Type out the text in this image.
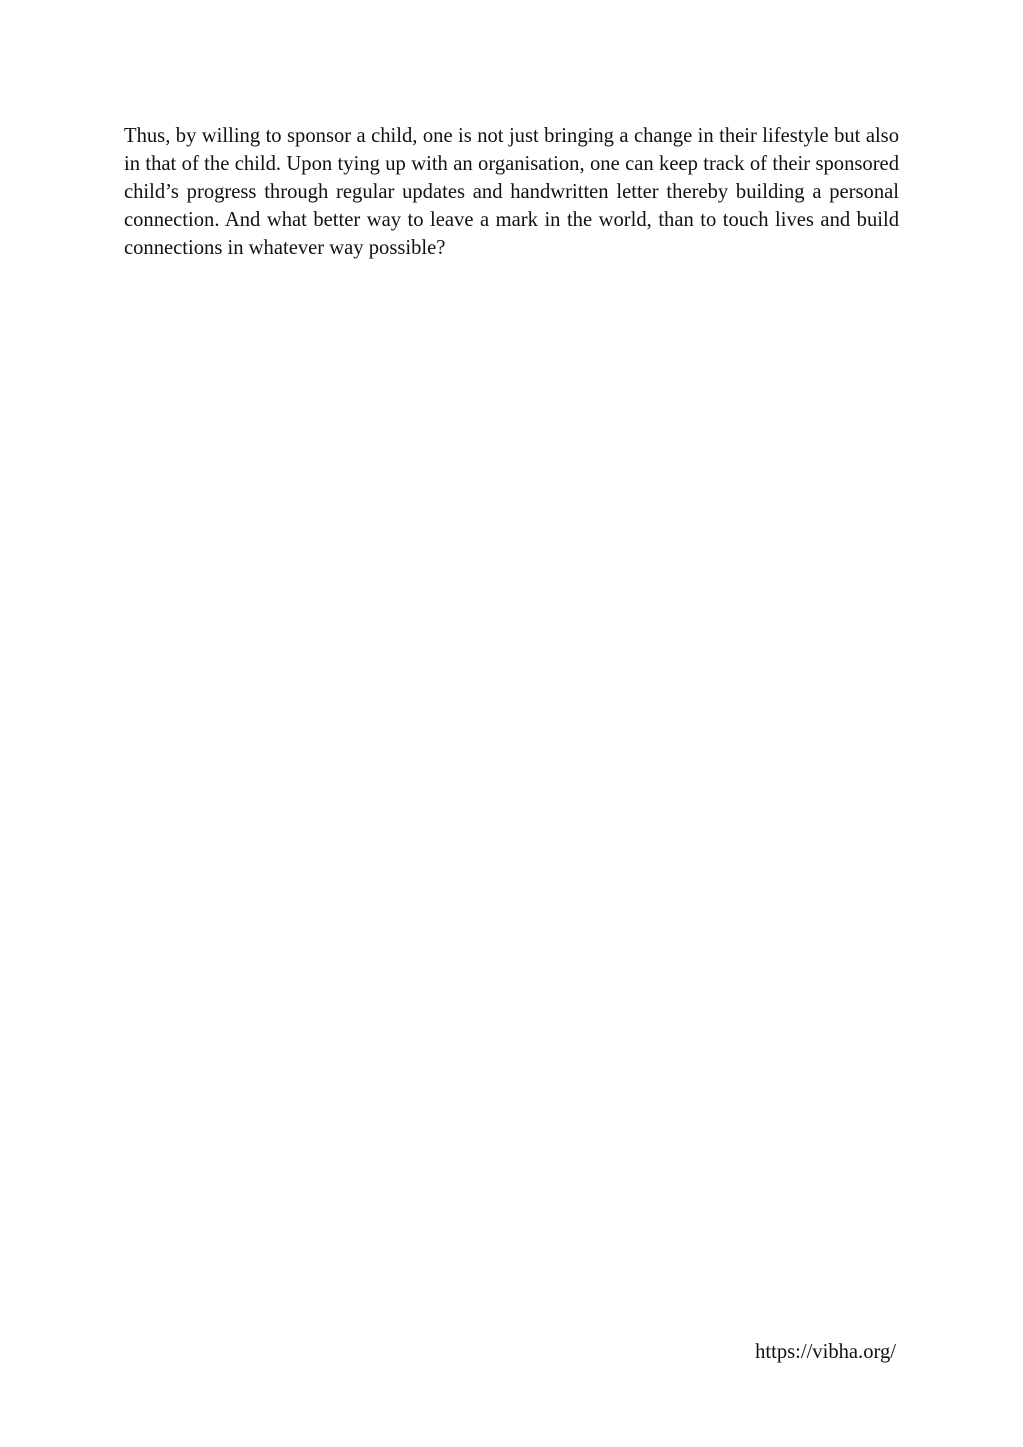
Thus, by willing to sponsor a child, one is not just bringing a change in their lifestyle but also in that of the child. Upon tying up with an organisation, one can keep track of their sponsored child’s progress through regular updates and handwritten letter thereby building a personal connection. And what better way to leave a mark in the world, than to touch lives and build connections in whatever way possible?

https://vibha.org/
